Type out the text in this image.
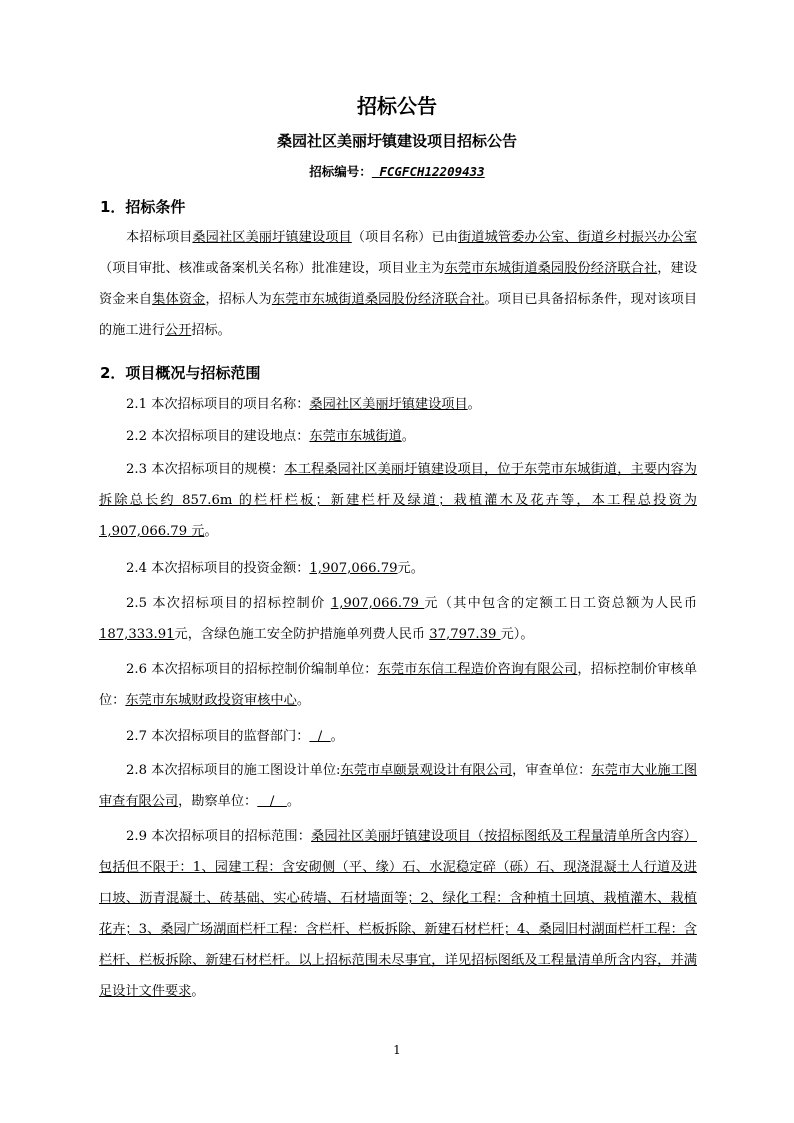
招标公告
桑园社区美丽圩镇建设项目招标公告
招标编号： FCGFCH12209433
1．招标条件
本招标项目桑园社区美丽圩镇建设项目（项目名称）已由街道城管委办公室、街道乡村振兴办公室（项目审批、核准或备案机关名称）批准建设，项目业主为东莞市东城街道桑园股份经济联合社，建设资金来自集体资金，招标人为东莞市东城街道桑园股份经济联合社。项目已具备招标条件，现对该项目的施工进行公开招标。
2．项目概况与招标范围
2.1 本次招标项目的项目名称：桑园社区美丽圩镇建设项目。
2.2 本次招标项目的建设地点：东莞市东城街道。
2.3 本次招标项目的规模：本工程桑园社区美丽圩镇建设项目，位于东莞市东城街道，主要内容为拆除总长约 857.6m 的栏杆栏板；新建栏杆及绿道；栽植灌木及花卉等，本工程总投资为 1,907,066.79 元。
2.4 本次招标项目的投资金额：1,907,066.79元。
2.5 本次招标项目的招标控制价 1,907,066.79 元（其中包含的定额工日工资总额为人民币 187,333.91元，含绿色施工安全防护措施单列费人民币 37,797.39 元）。
2.6 本次招标项目的招标控制价编制单位：东莞市东信工程造价咨询有限公司，招标控制价审核单位：东莞市东城财政投资审核中心。
2.7 本次招标项目的监督部门：  /  。
2.8 本次招标项目的施工图设计单位:东莞市卓颐景观设计有限公司，审查单位：东莞市大业施工图审查有限公司，勘察单位：   /   。
2.9 本次招标项目的招标范围：桑园社区美丽圩镇建设项目（按招标图纸及工程量清单所含内容）包括但不限于：1、园建工程：含安砌侧（平、缘）石、水泥稳定碎（砾）石、现浇混凝土人行道及进口坡、沥青混凝土、砖基础、实心砖墙、石材墙面等；2、绿化工程：含种植土回填、栽植灌木、栽植花卉；3、桑园广场湖面栏杆工程：含栏杆、栏板拆除、新建石材栏杆；4、桑园旧村湖面栏杆工程：含栏杆、栏板拆除、新建石材栏杆。以上招标范围未尽事宜，详见招标图纸及工程量清单所含内容，并满足设计文件要求。
1
